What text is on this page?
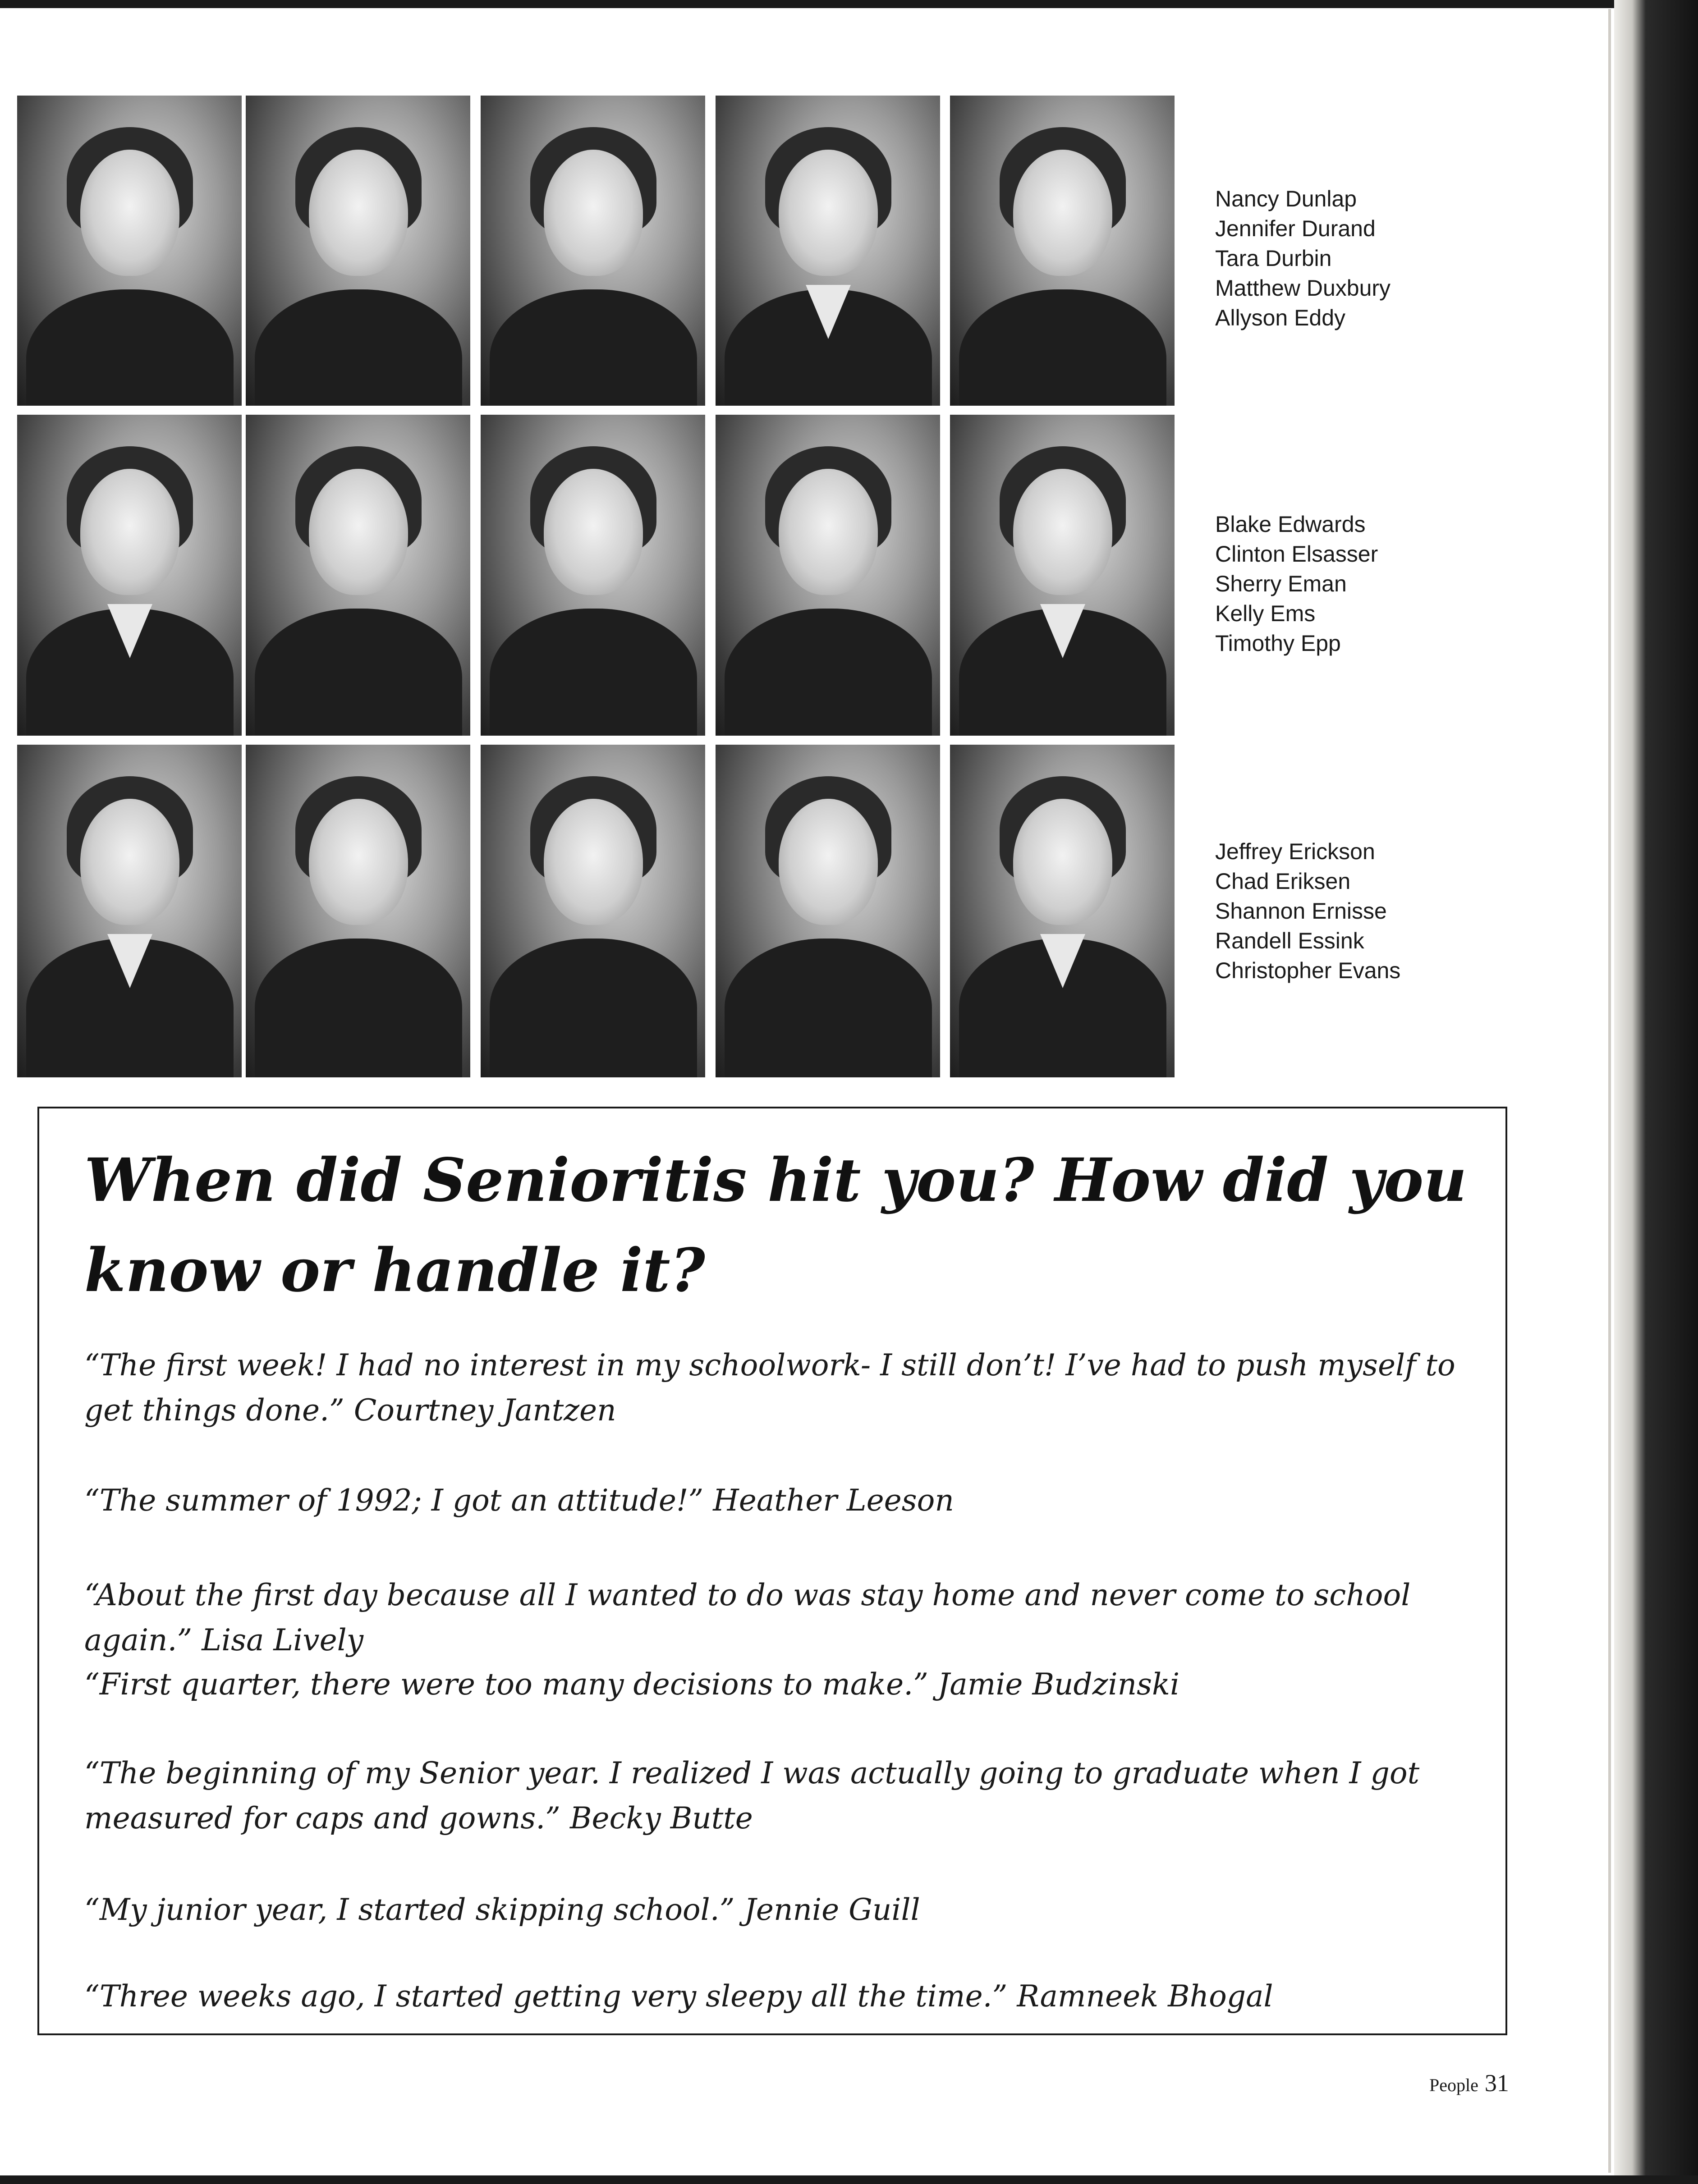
Nancy Dunlap
Jennifer Durand
Tara Durbin
Matthew Duxbury
Allyson Eddy
Blake Edwards
Clinton Elsasser
Sherry Eman
Kelly Ems
Timothy Epp
Jeffrey Erickson
Chad Eriksen
Shannon Ernisse
Randell Essink
Christopher Evans
When did Senioritis hit you? How did you know or handle it?
“The first week! I had no interest in my schoolwork- I still don’t! I’ve had to push myself to get things done.” Courtney Jantzen
“The summer of 1992; I got an attitude!” Heather Leeson
“About the first day because all I wanted to do was stay home and never come to school again.” Lisa Lively
“First quarter, there were too many decisions to make.” Jamie Budzinski
“The beginning of my Senior year. I realized I was actually going to graduate when I got measured for caps and gowns.” Becky Butte
“My junior year, I started skipping school.” Jennie Guill
“Three weeks ago, I started getting very sleepy all the time.” Ramneek Bhogal
People 31
